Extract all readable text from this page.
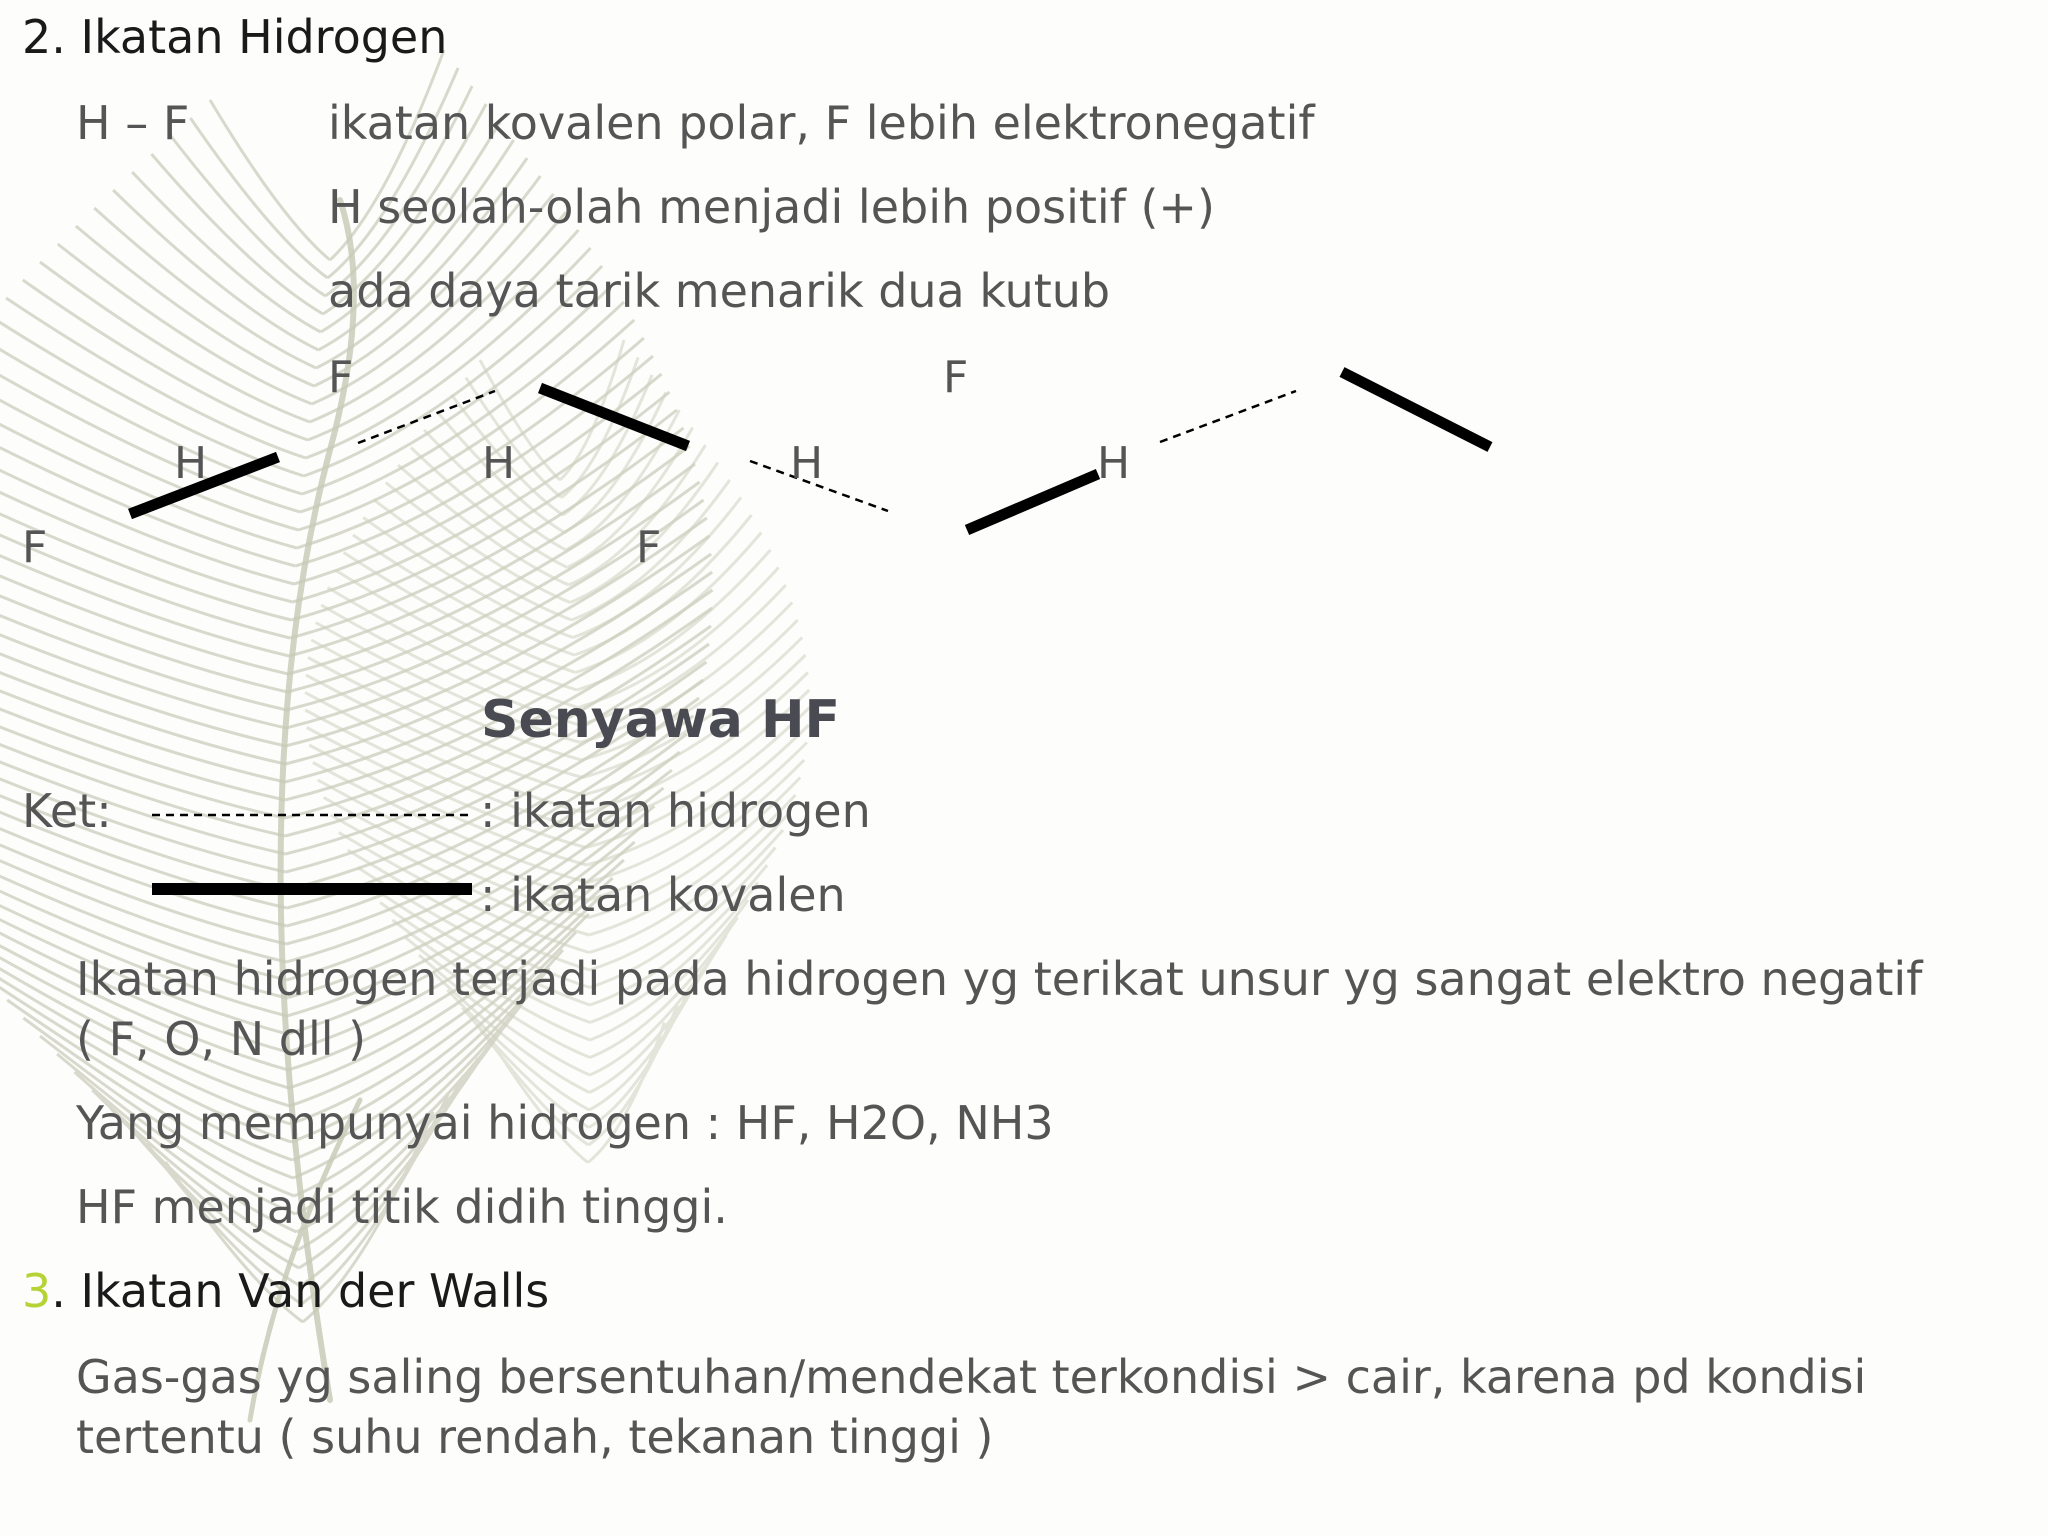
2. Ikatan Hidrogen
H – F	ikatan kovalen polar, F lebih elektronegatif
H seolah-olah menjadi lebih positif (+)
ada daya tarik menarik dua kutub
F	F
F	F
H	H	H	H
Senyawa HF
Ket:	: ikatan hidrogen
: ikatan kovalen
Ikatan hidrogen terjadi pada hidrogen yg terikat unsur yg sangat elektro negatif
( F, O, N dll )
Yang mempunyai hidrogen : HF, H2O, NH3
HF menjadi titik didih tinggi.
3. Ikatan Van der Walls
Gas-gas yg saling bersentuhan/mendekat terkondisi > cair, karena pd kondisi
tertentu ( suhu rendah, tekanan tinggi )
